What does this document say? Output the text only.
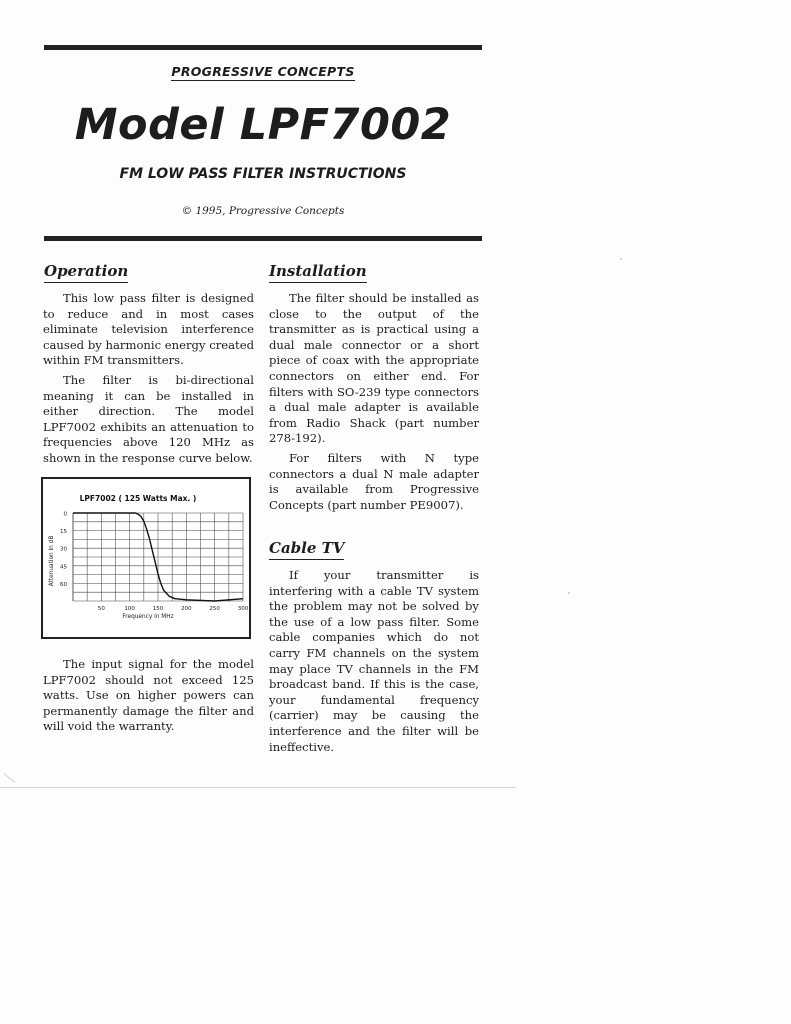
PROGRESSIVE CONCEPTS
Model LPF7002
FM LOW PASS FILTER INSTRUCTIONS
© 1995, Progressive Concepts
Operation

This low pass filter is designed to reduce and in most cases eliminate television interference caused by harmonic energy created within FM transmitters.

The filter is bi-directional meaning it can be installed in either direction. The model LPF7002 exhibits an attenuation to frequencies above 120 MHz as shown in the response curve below.

LPF7002 ( 125 Watts Max. )
0
15
30
45
60
50	100	150	200	250	300
Frequency in MHz
Attenuation in dB

The input signal for the model LPF7002 should not exceed 125 watts. Use on higher powers can permanently damage the filter and will void the warranty.

Installation

The filter should be installed as close to the output of the transmitter as is practical using a dual male connector or a short piece of coax with the appropriate connectors on either end. For filters with SO-239 type connectors a dual male adapter is available from Radio Shack (part number 278-192).

For filters with N type connectors a dual N male adapter is available from Progressive Concepts (part number PE9007).

Cable TV

If your transmitter is interfering with a cable TV system the problem may not be solved by the use of a low pass filter. Some cable companies which do not carry FM channels on the system may place TV channels in the FM broadcast band. If this is the case, your fundamental frequency (carrier) may be causing the interference and the filter will be ineffective.
